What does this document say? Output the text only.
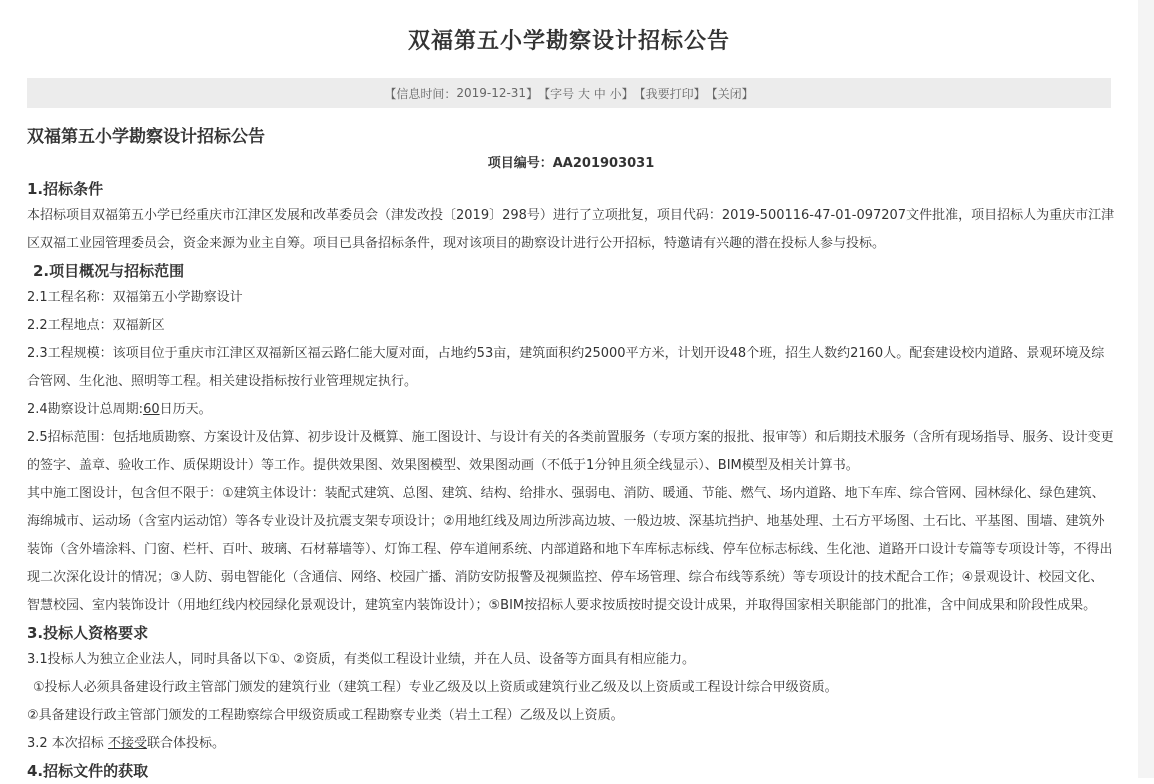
双福第五小学勘察设计招标公告
【信息时间： 2019-12-31 】 【字号
大
中
小 】 【我要打印】 【关闭】

双福第五小学勘察设计招标公告

项目编号：AA201903031

1.招标条件

本招标项目双福第五小学已经重庆市江津区发展和改革委员会（津发改投〔2019〕298号）进行了立项批复，项目代码：2019-500116-47-01-097207文件批准，项目招标人为重庆市江津区双福工业园管理委员会，资金来源为业主自筹。项目已具备招标条件，现对该项目的勘察设计进行公开招标，特邀请有兴趣的潜在投标人参与投标。

2.项目概况与招标范围

2.1工程名称：双福第五小学勘察设计

2.2工程地点：双福新区

2.3工程规模：该项目位于重庆市江津区双福新区福云路仁能大厦对面，占地约53亩，建筑面积约25000平方米，计划开设48个班，招生人数约2160人。配套建设校内道路、景观环境及综合管网、生化池、照明等工程。相关建设指标按行业管理规定执行。

2.4勘察设计总周期:60日历天。

2.5招标范围：包括地质勘察、方案设计及估算、初步设计及概算、施工图设计、与设计有关的各类前置服务（专项方案的报批、报审等）和后期技术服务（含所有现场指导、服务、设计变更的签字、盖章、验收工作、质保期设计）等工作。提供效果图、效果图模型、效果图动画（不低于1分钟且须全线显示）、BIM模型及相关计算书。

其中施工图设计，包含但不限于：①建筑主体设计：装配式建筑、总图、建筑、结构、给排水、强弱电、消防、暖通、节能、燃气、场内道路、地下车库、综合管网、园林绿化、绿色建筑、海绵城市、运动场（含室内运动馆）等各专业设计及抗震支架专项设计；②用地红线及周边所涉高边坡、一般边坡、深基坑挡护、地基处理、土石方平场图、土石比、平基图、围墙、建筑外装饰（含外墙涂料、门窗、栏杆、百叶、玻璃、石材幕墙等）、灯饰工程、停车道闸系统、内部道路和地下车库标志标线、停车位标志标线、生化池、道路开口设计专篇等专项设计等，不得出现二次深化设计的情况；③人防、弱电智能化（含通信、网络、校园广播、消防安防报警及视频监控、停车场管理、综合布线等系统）等专项设计的技术配合工作；④景观设计、校园文化、智慧校园、室内装饰设计（用地红线内校园绿化景观设计，建筑室内装饰设计）；⑤BIM按招标人要求按质按时提交设计成果，并取得国家相关职能部门的批准，含中间成果和阶段性成果。

3.投标人资格要求

3.1投标人为独立企业法人，同时具备以下①、②资质，有类似工程设计业绩，并在人员、设备等方面具有相应能力。

①投标人必须具备建设行政主管部门颁发的建筑行业（建筑工程）专业乙级及以上资质或建筑行业乙级及以上资质或工程设计综合甲级资质。

②具备建设行政主管部门颁发的工程勘察综合甲级资质或工程勘察专业类（岩土工程）乙级及以上资质。

3.2 本次招标 不接受联合体投标。

4.招标文件的获取
